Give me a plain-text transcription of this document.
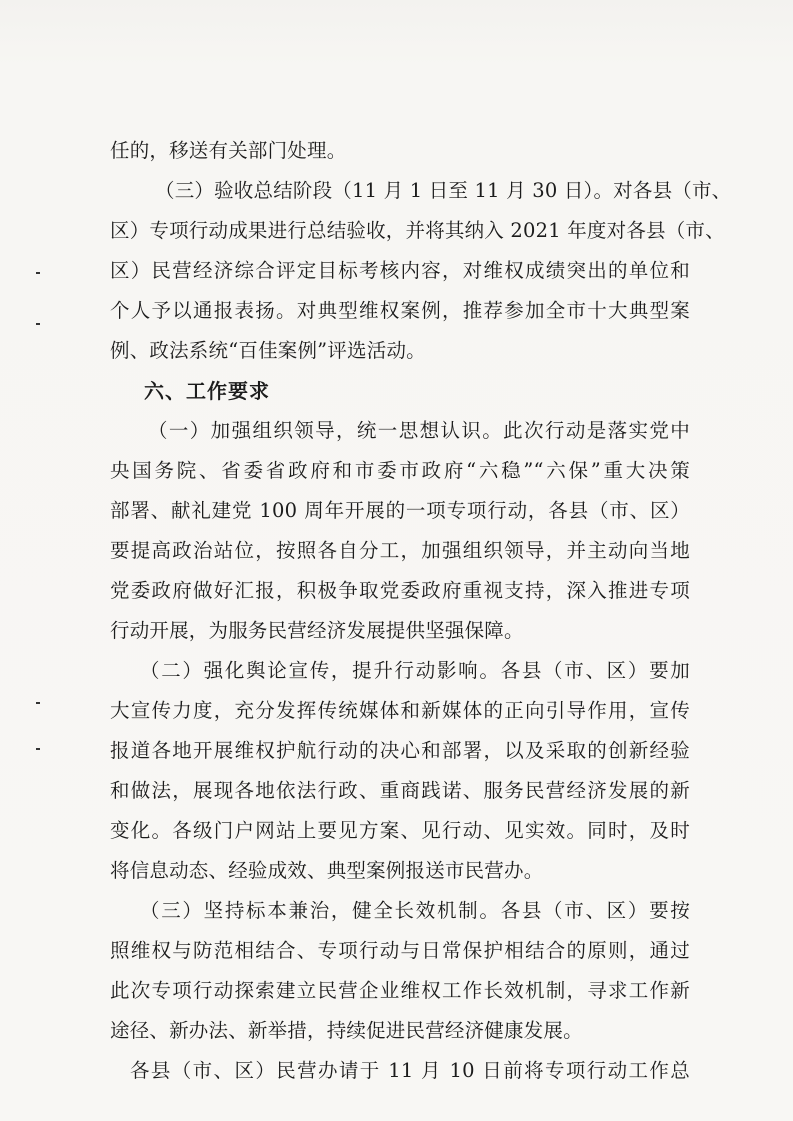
任的，移送有关部门处理。
（三）验收总结阶段（11 月 1 日至 11 月 30 日）。对各县（市、
区）专项行动成果进行总结验收，并将其纳入 2021 年度对各县（市、
区）民营经济综合评定目标考核内容，对维权成绩突出的单位和
个人予以通报表扬。对典型维权案例，推荐参加全市十大典型案
例、政法系统“百佳案例”评选活动。
六、工作要求
（一）加强组织领导，统一思想认识。此次行动是落实党中
央国务院、省委省政府和市委市政府“六稳”“六保”重大决策
部署、献礼建党 100 周年开展的一项专项行动，各县（市、区）
要提高政治站位，按照各自分工，加强组织领导，并主动向当地
党委政府做好汇报，积极争取党委政府重视支持，深入推进专项
行动开展，为服务民营经济发展提供坚强保障。
（二）强化舆论宣传，提升行动影响。各县（市、区）要加
大宣传力度，充分发挥传统媒体和新媒体的正向引导作用，宣传
报道各地开展维权护航行动的决心和部署，以及采取的创新经验
和做法，展现各地依法行政、重商践诺、服务民营经济发展的新
变化。各级门户网站上要见方案、见行动、见实效。同时，及时
将信息动态、经验成效、典型案例报送市民营办。
（三）坚持标本兼治，健全长效机制。各县（市、区）要按
照维权与防范相结合、专项行动与日常保护相结合的原则，通过
此次专项行动探索建立民营企业维权工作长效机制，寻求工作新
途径、新办法、新举措，持续促进民营经济健康发展。
各县（市、区）民营办请于 11 月 10 日前将专项行动工作总
